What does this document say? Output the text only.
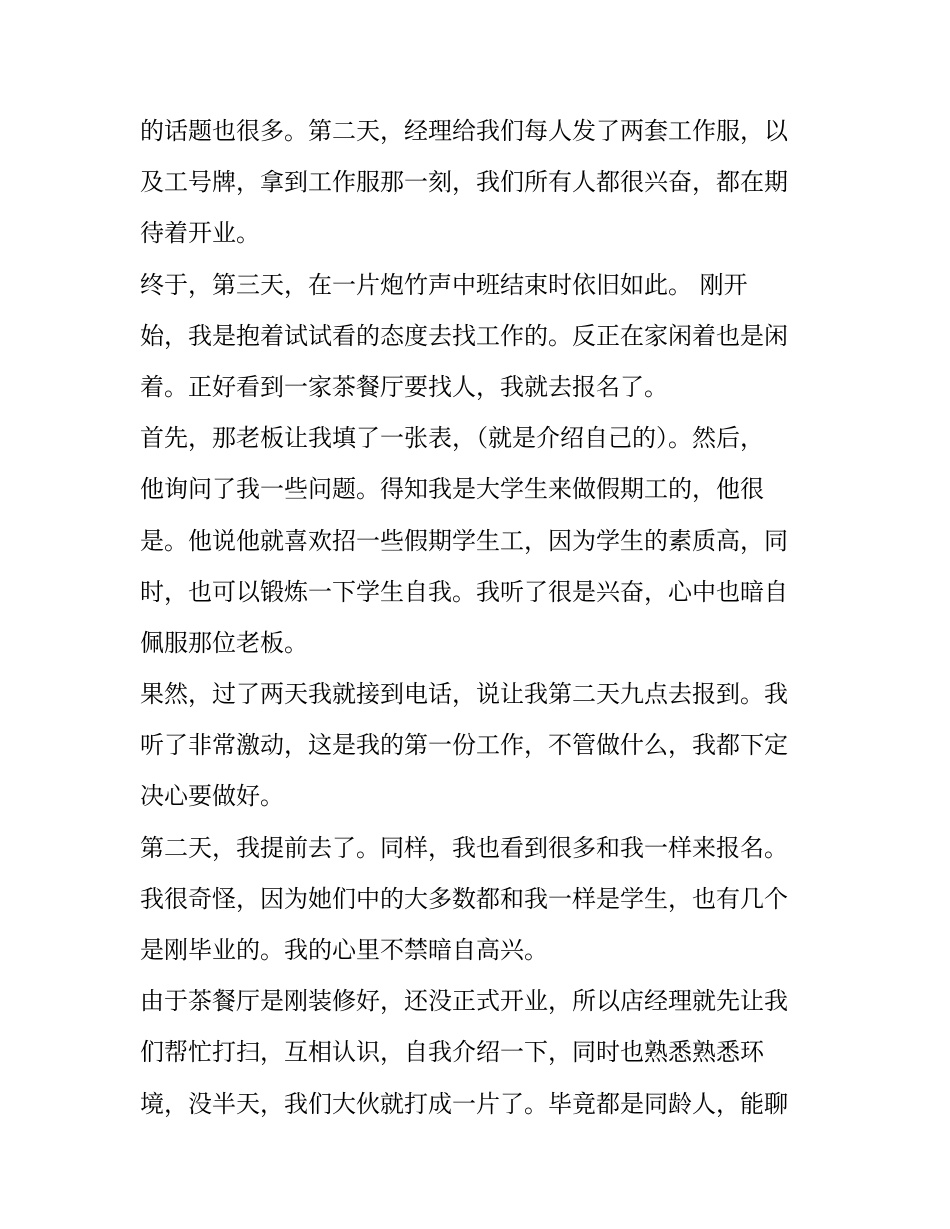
的话题也很多。第二天，经理给我们每人发了两套工作服，以
及工号牌，拿到工作服那一刻，我们所有人都很兴奋，都在期
待着开业。
终于，第三天，在一片炮竹声中班结束时依旧如此。 刚开
始，我是抱着试试看的态度去找工作的。反正在家闲着也是闲
着。正好看到一家茶餐厅要找人，我就去报名了。
首先，那老板让我填了一张表，（就是介绍自己的）。然后，
他询问了我一些问题。得知我是大学生来做假期工的，他很
是。他说他就喜欢招一些假期学生工，因为学生的素质高，同
时，也可以锻炼一下学生自我。我听了很是兴奋，心中也暗自
佩服那位老板。
果然，过了两天我就接到电话，说让我第二天九点去报到。我
听了非常激动，这是我的第一份工作，不管做什么，我都下定
决心要做好。
第二天，我提前去了。同样，我也看到很多和我一样来报名。
我很奇怪，因为她们中的大多数都和我一样是学生，也有几个
是刚毕业的。我的心里不禁暗自高兴。
由于茶餐厅是刚装修好，还没正式开业，所以店经理就先让我
们帮忙打扫，互相认识，自我介绍一下，同时也熟悉熟悉环
境，没半天，我们大伙就打成一片了。毕竟都是同龄人，能聊
